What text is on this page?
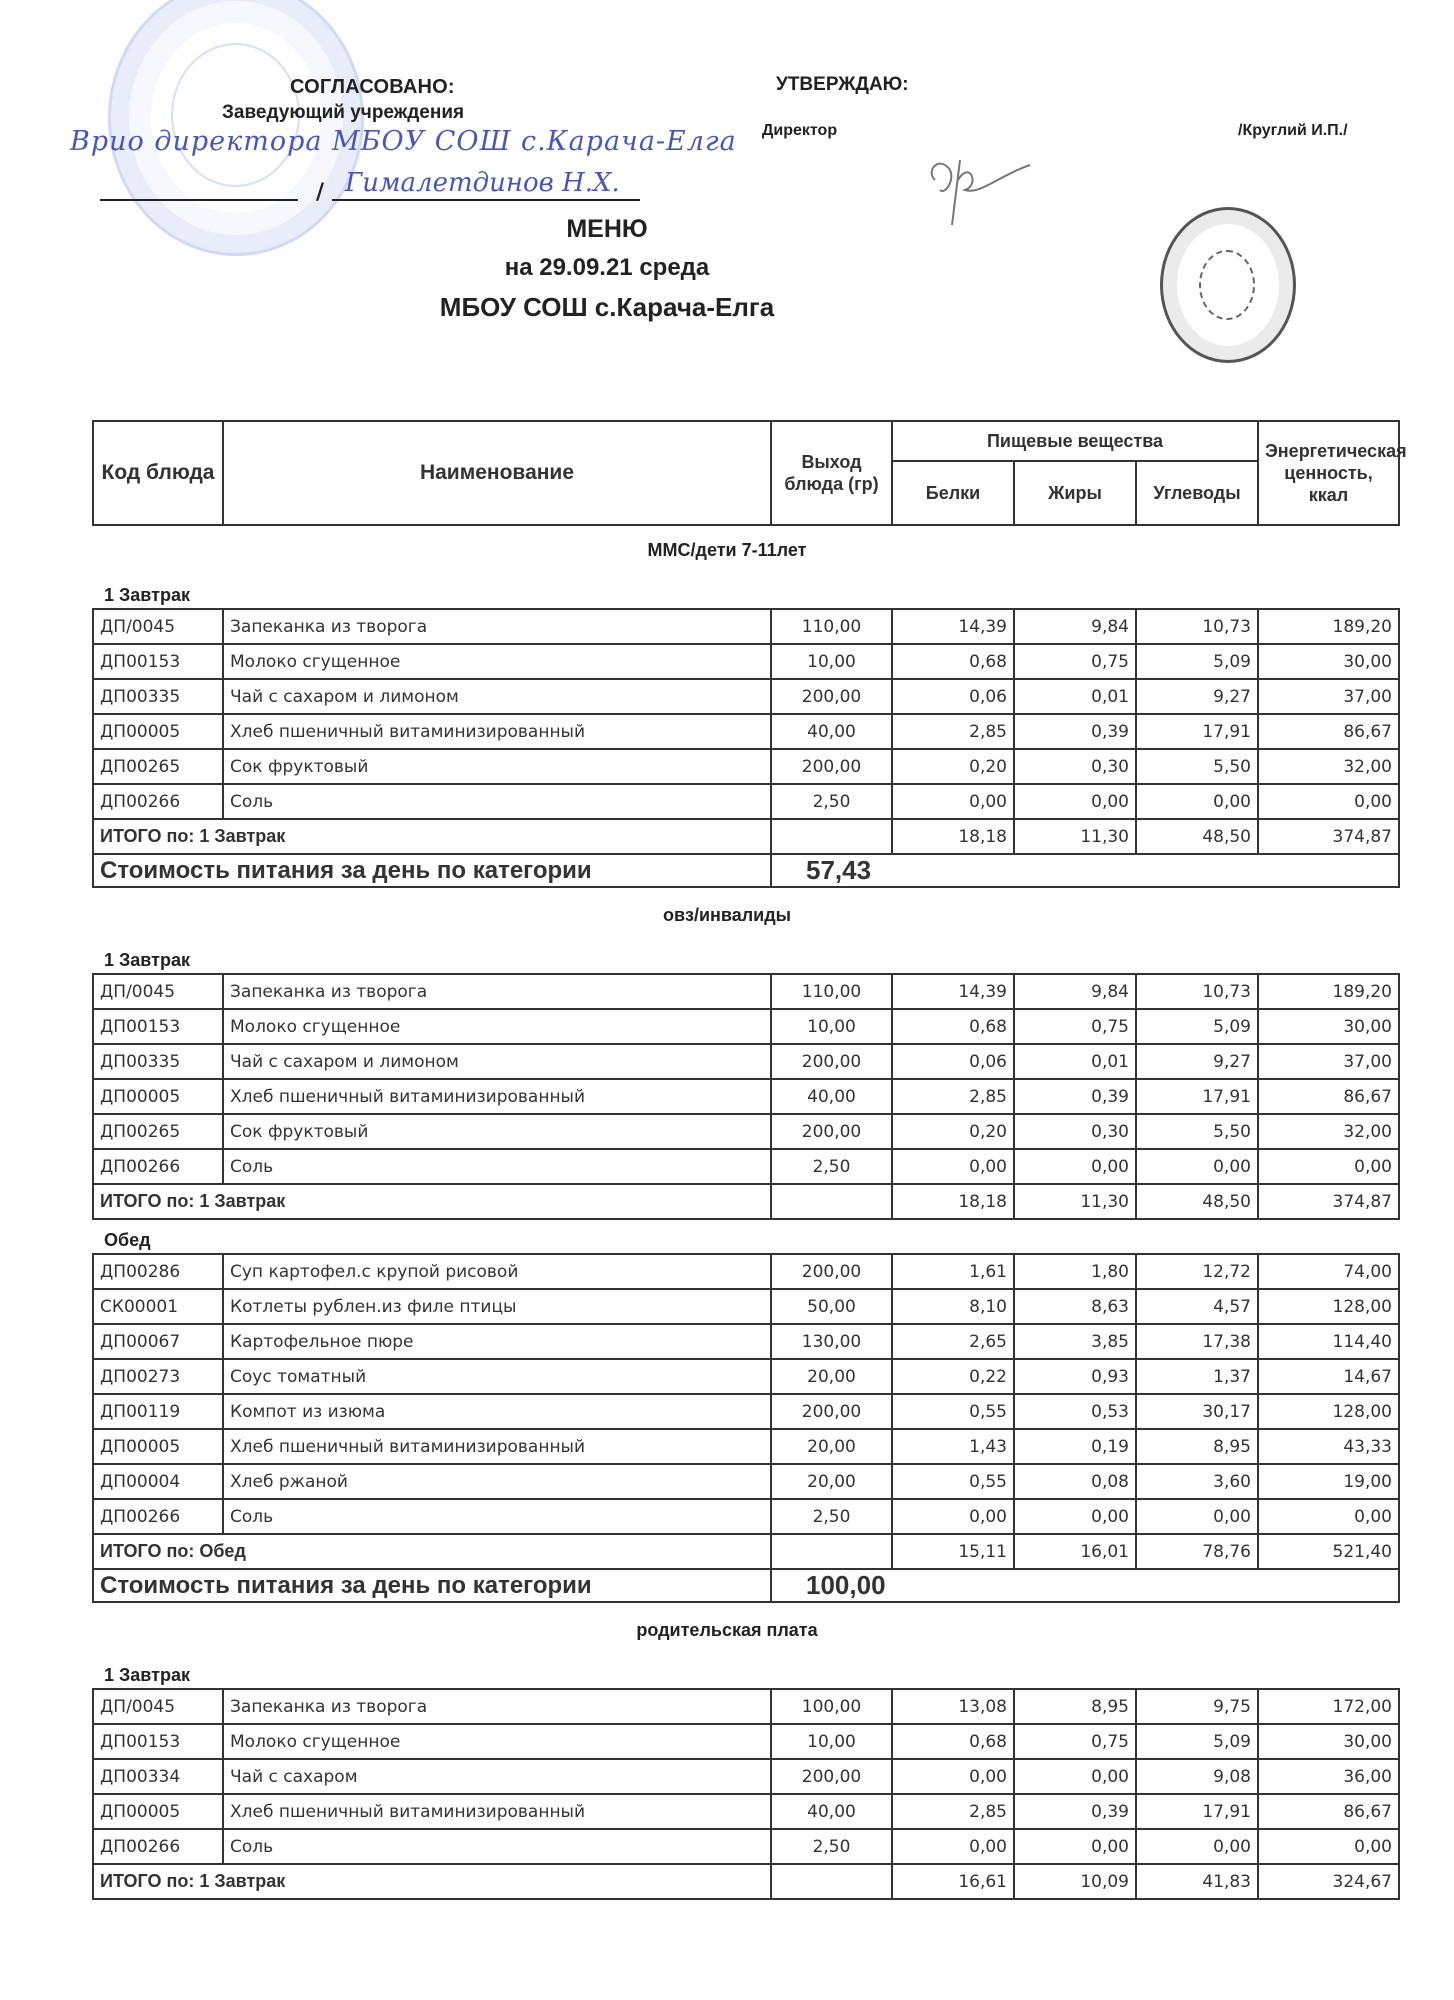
СОГЛАСОВАНО:
Заведующий учреждения
Врио директора МБОУ СОШ с.Карача-Елга
/ Гималетдинов Н.Х.
УТВЕРЖДАЮ:
Директор	/Круглий И.П./
МЕНЮ
на 29.09.21 среда
МБОУ СОШ с.Карача-Елга
Код блюда	Наименование	Выход блюда (гр)	Пищевые вещества			Энергетическая ценность, ккал
			Белки	Жиры	Углеводы	
ММС/дети 7-11лет
1 Завтрак
ДП/0045	Запеканка из творога	110,00	14,39	9,84	10,73	189,20
ДП00153	Молоко сгущенное	10,00	0,68	0,75	5,09	30,00
ДП00335	Чай с сахаром и лимоном	200,00	0,06	0,01	9,27	37,00
ДП00005	Хлеб пшеничный витаминизированный	40,00	2,85	0,39	17,91	86,67
ДП00265	Сок фруктовый	200,00	0,20	0,30	5,50	32,00
ДП00266	Соль	2,50	0,00	0,00	0,00	0,00
ИТОГО по: 1 Завтрак			18,18	11,30	48,50	374,87
Стоимость питания за день по категории		57,43				
овз/инвалиды
1 Завтрак
ДП/0045	Запеканка из творога	110,00	14,39	9,84	10,73	189,20
ДП00153	Молоко сгущенное	10,00	0,68	0,75	5,09	30,00
ДП00335	Чай с сахаром и лимоном	200,00	0,06	0,01	9,27	37,00
ДП00005	Хлеб пшеничный витаминизированный	40,00	2,85	0,39	17,91	86,67
ДП00265	Сок фруктовый	200,00	0,20	0,30	5,50	32,00
ДП00266	Соль	2,50	0,00	0,00	0,00	0,00
ИТОГО по: 1 Завтрак			18,18	11,30	48,50	374,87
Обед
ДП00286	Суп картофел.с крупой рисовой	200,00	1,61	1,80	12,72	74,00
СК00001	Котлеты рублен.из филе птицы	50,00	8,10	8,63	4,57	128,00
ДП00067	Картофельное пюре	130,00	2,65	3,85	17,38	114,40
ДП00273	Соус томатный	20,00	0,22	0,93	1,37	14,67
ДП00119	Компот из изюма	200,00	0,55	0,53	30,17	128,00
ДП00005	Хлеб пшеничный витаминизированный	20,00	1,43	0,19	8,95	43,33
ДП00004	Хлеб ржаной	20,00	0,55	0,08	3,60	19,00
ДП00266	Соль	2,50	0,00	0,00	0,00	0,00
ИТОГО по: Обед			15,11	16,01	78,76	521,40
Стоимость питания за день по категории		100,00				
родительская плата
1 Завтрак
ДП/0045	Запеканка из творога	100,00	13,08	8,95	9,75	172,00
ДП00153	Молоко сгущенное	10,00	0,68	0,75	5,09	30,00
ДП00334	Чай с сахаром	200,00	0,00	0,00	9,08	36,00
ДП00005	Хлеб пшеничный витаминизированный	40,00	2,85	0,39	17,91	86,67
ДП00266	Соль	2,50	0,00	0,00	0,00	0,00
ИТОГО по: 1 Завтрак			16,61	10,09	41,83	324,67
